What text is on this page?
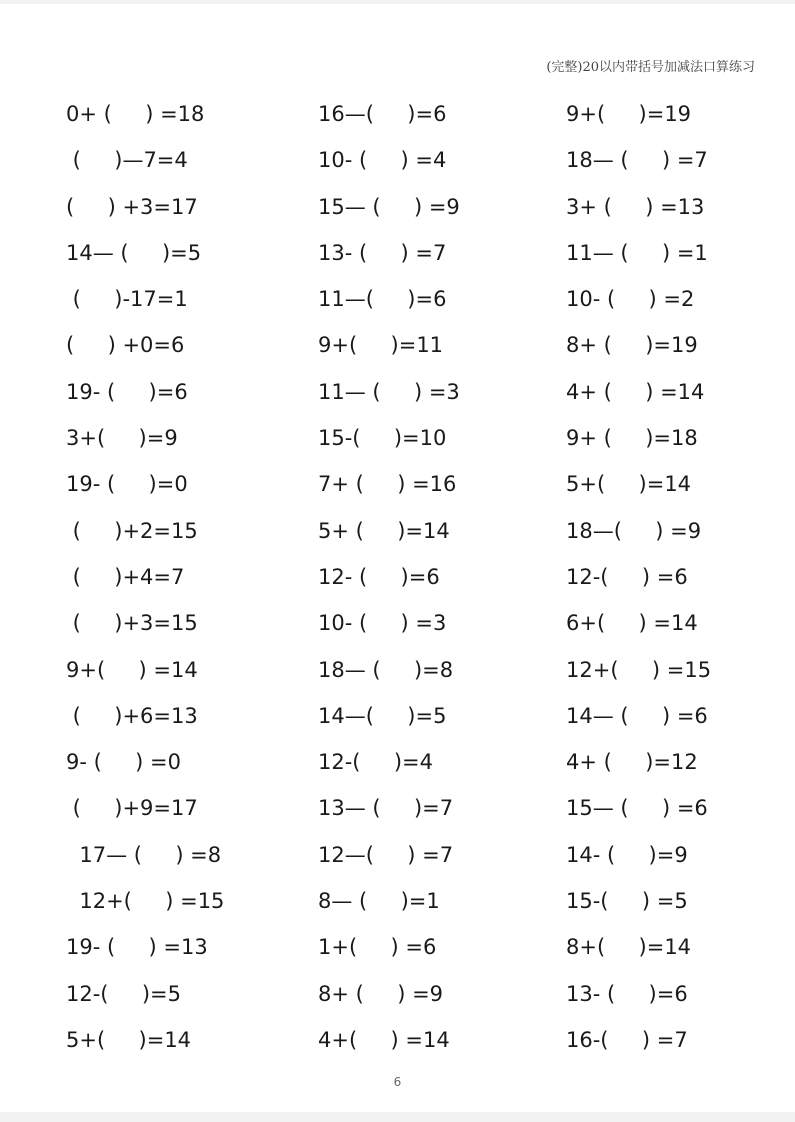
(完整)20以内带括号加减法口算练习
0+ (     ) =18	16—(     )=6	9+(     )=19
(     )—7=4	10- (     ) =4	18— (     ) =7
(     ) +3=17	15— (     ) =9	3+ (     ) =13
14— (     )=5	13- (     ) =7	11— (     ) =1
(     )-17=1	11—(     )=6	10- (     ) =2
(     ) +0=6	9+(     )=11	8+ (     )=19
19- (     )=6	11— (     ) =3	4+ (     ) =14
3+(     )=9	15-(     )=10	9+ (     )=18
19- (     )=0	7+ (     ) =16	5+(     )=14
(     )+2=15	5+ (     )=14	18—(     ) =9
(     )+4=7	12- (     )=6	12-(     ) =6
(     )+3=15	10- (     ) =3	6+(     ) =14
9+(     ) =14	18— (     )=8	12+(     ) =15
(     )+6=13	14—(     )=5	14— (     ) =6
9- (     ) =0	12-(     )=4	4+ (     )=12
(     )+9=17	13— (     )=7	15— (     ) =6
17— (     ) =8	12—(     ) =7	14- (     )=9
12+(     ) =15	8— (     )=1	15-(     ) =5
19- (     ) =13	1+(     ) =6	8+(     )=14
12-(     )=5	8+ (     ) =9	13- (     )=6
5+(     )=14	4+(     ) =14	16-(     ) =7
6
